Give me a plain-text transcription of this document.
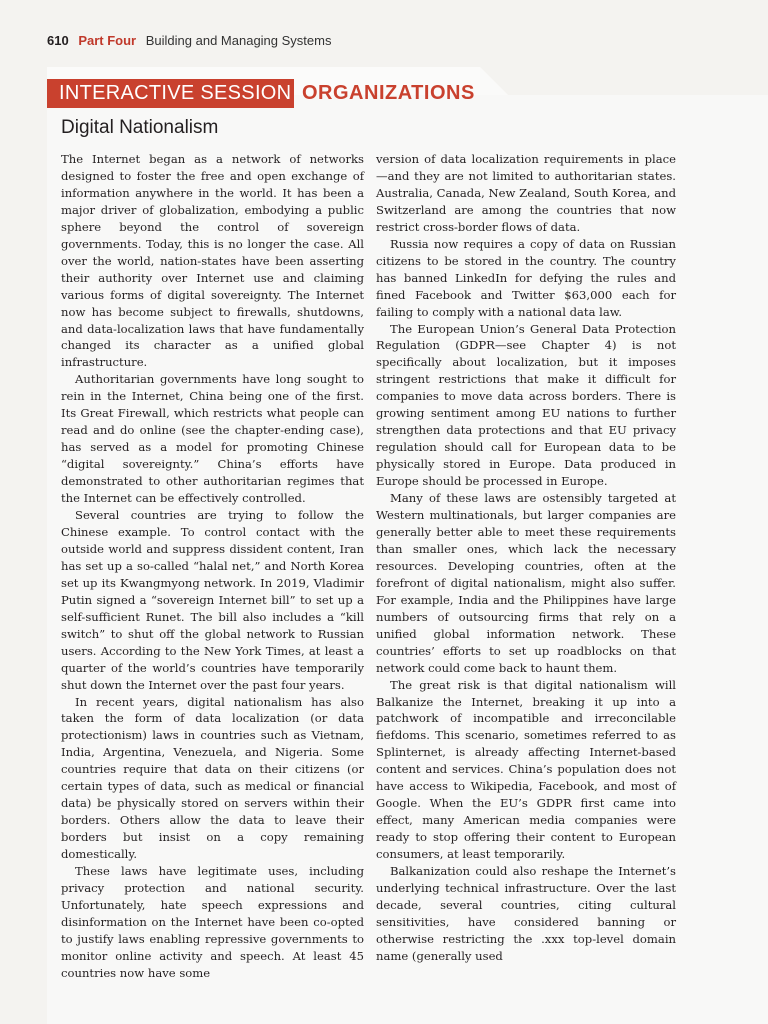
610 Part Four Building and Managing Systems
INTERACTIVE SESSION ORGANIZATIONS
Digital Nationalism

The Internet began as a network of networks designed to foster the free and open exchange of information anywhere in the world. It has been a major driver of globalization, embodying a public sphere beyond the control of sovereign governments. Today, this is no longer the case. All over the world, nation-states have been asserting their authority over Internet use and claiming various forms of digital sovereignty. The Internet now has become subject to firewalls, shutdowns, and data-localization laws that have fundamentally changed its character as a unified global infrastructure.

Authoritarian governments have long sought to rein in the Internet, China being one of the first. Its Great Firewall, which restricts what people can read and do online (see the chapter-ending case), has served as a model for promoting Chinese “digital sovereignty.” China’s efforts have demonstrated to other authoritarian regimes that the Internet can be effectively controlled.

Several countries are trying to follow the Chinese example. To control contact with the outside world and suppress dissident content, Iran has set up a so-called “halal net,” and North Korea set up its Kwangmyong network. In 2019, Vladimir Putin signed a “sovereign Internet bill” to set up a self-sufficient Runet. The bill also includes a “kill switch” to shut off the global network to Russian users. According to the New York Times, at least a quarter of the world’s countries have temporarily shut down the Internet over the past four years.

In recent years, digital nationalism has also taken the form of data localization (or data protectionism) laws in countries such as Vietnam, India, Argentina, Venezuela, and Nigeria. Some countries require that data on their citizens (or certain types of data, such as medical or financial data) be physically stored on servers within their borders. Others allow the data to leave their borders but insist on a copy remaining domestically.

These laws have legitimate uses, including privacy protection and national security. Unfortunately, hate speech expressions and disinformation on the Internet have been co-opted to justify laws enabling repressive governments to monitor online activity and speech. At least 45 countries now have some

version of data localization requirements in place—and they are not limited to authoritarian states. Australia, Canada, New Zealand, South Korea, and Switzerland are among the countries that now restrict cross-border flows of data.

Russia now requires a copy of data on Russian citizens to be stored in the country. The country has banned LinkedIn for defying the rules and fined Facebook and Twitter $63,000 each for failing to comply with a national data law.

The European Union’s General Data Protection Regulation (GDPR—see Chapter 4) is not specifically about localization, but it imposes stringent restrictions that make it difficult for companies to move data across borders. There is growing sentiment among EU nations to further strengthen data protections and that EU privacy regulation should call for European data to be physically stored in Europe. Data produced in Europe should be processed in Europe.

Many of these laws are ostensibly targeted at Western multinationals, but larger companies are generally better able to meet these requirements than smaller ones, which lack the necessary resources. Developing countries, often at the forefront of digital nationalism, might also suffer. For example, India and the Philippines have large numbers of outsourcing firms that rely on a unified global information network. These countries’ efforts to set up roadblocks on that network could come back to haunt them.

The great risk is that digital nationalism will Balkanize the Internet, breaking it up into a patchwork of incompatible and irreconcilable fiefdoms. This scenario, sometimes referred to as Splinternet, is already affecting Internet-based content and services. China’s population does not have access to Wikipedia, Facebook, and most of Google. When the EU’s GDPR first came into effect, many American media companies were ready to stop offering their content to European consumers, at least temporarily.

Balkanization could also reshape the Internet’s underlying technical infrastructure. Over the last decade, several countries, citing cultural sensitivities, have considered banning or otherwise restricting the .xxx top-level domain name (generally used
